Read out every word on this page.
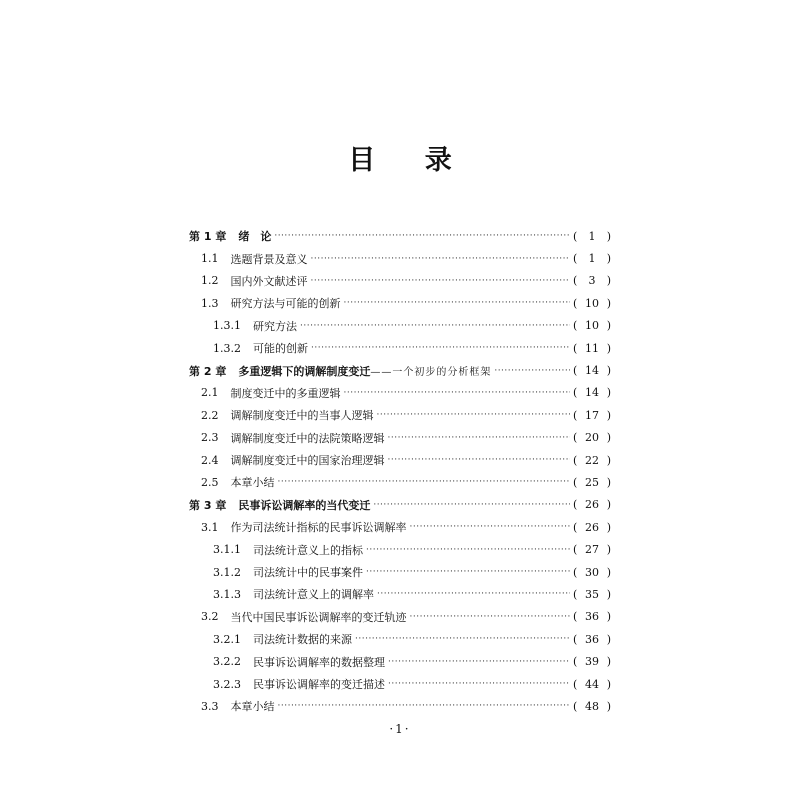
目 录
第 1 章 绪　论 ·····	( 1 )
1.1 选题背景及意义 ·····	( 1 )
1.2 国内外文献述评 ·····	( 3 )
1.3 研究方法与可能的创新 ·····	( 10 )
1.3.1 研究方法 ·····	( 10 )
1.3.2 可能的创新 ·····	( 11 )
第 2 章 多重逻辑下的调解制度变迁 ——一个初步的分析框架 ·····	( 14 )
2.1 制度变迁中的多重逻辑 ·····	( 14 )
2.2 调解制度变迁中的当事人逻辑 ·····	( 17 )
2.3 调解制度变迁中的法院策略逻辑 ·····	( 20 )
2.4 调解制度变迁中的国家治理逻辑 ·····	( 22 )
2.5 本章小结 ·····	( 25 )
第 3 章 民事诉讼调解率的当代变迁 ·····	( 26 )
3.1 作为司法统计指标的民事诉讼调解率 ·····	( 26 )
3.1.1 司法统计意义上的指标 ·····	( 27 )
3.1.2 司法统计中的民事案件 ·····	( 30 )
3.1.3 司法统计意义上的调解率 ·····	( 35 )
3.2 当代中国民事诉讼调解率的变迁轨迹 ·····	( 36 )
3.2.1 司法统计数据的来源 ·····	( 36 )
3.2.2 民事诉讼调解率的数据整理 ·····	( 39 )
3.2.3 民事诉讼调解率的变迁描述 ·····	( 44 )
3.3 本章小结 ·····	( 48 )
·1·
